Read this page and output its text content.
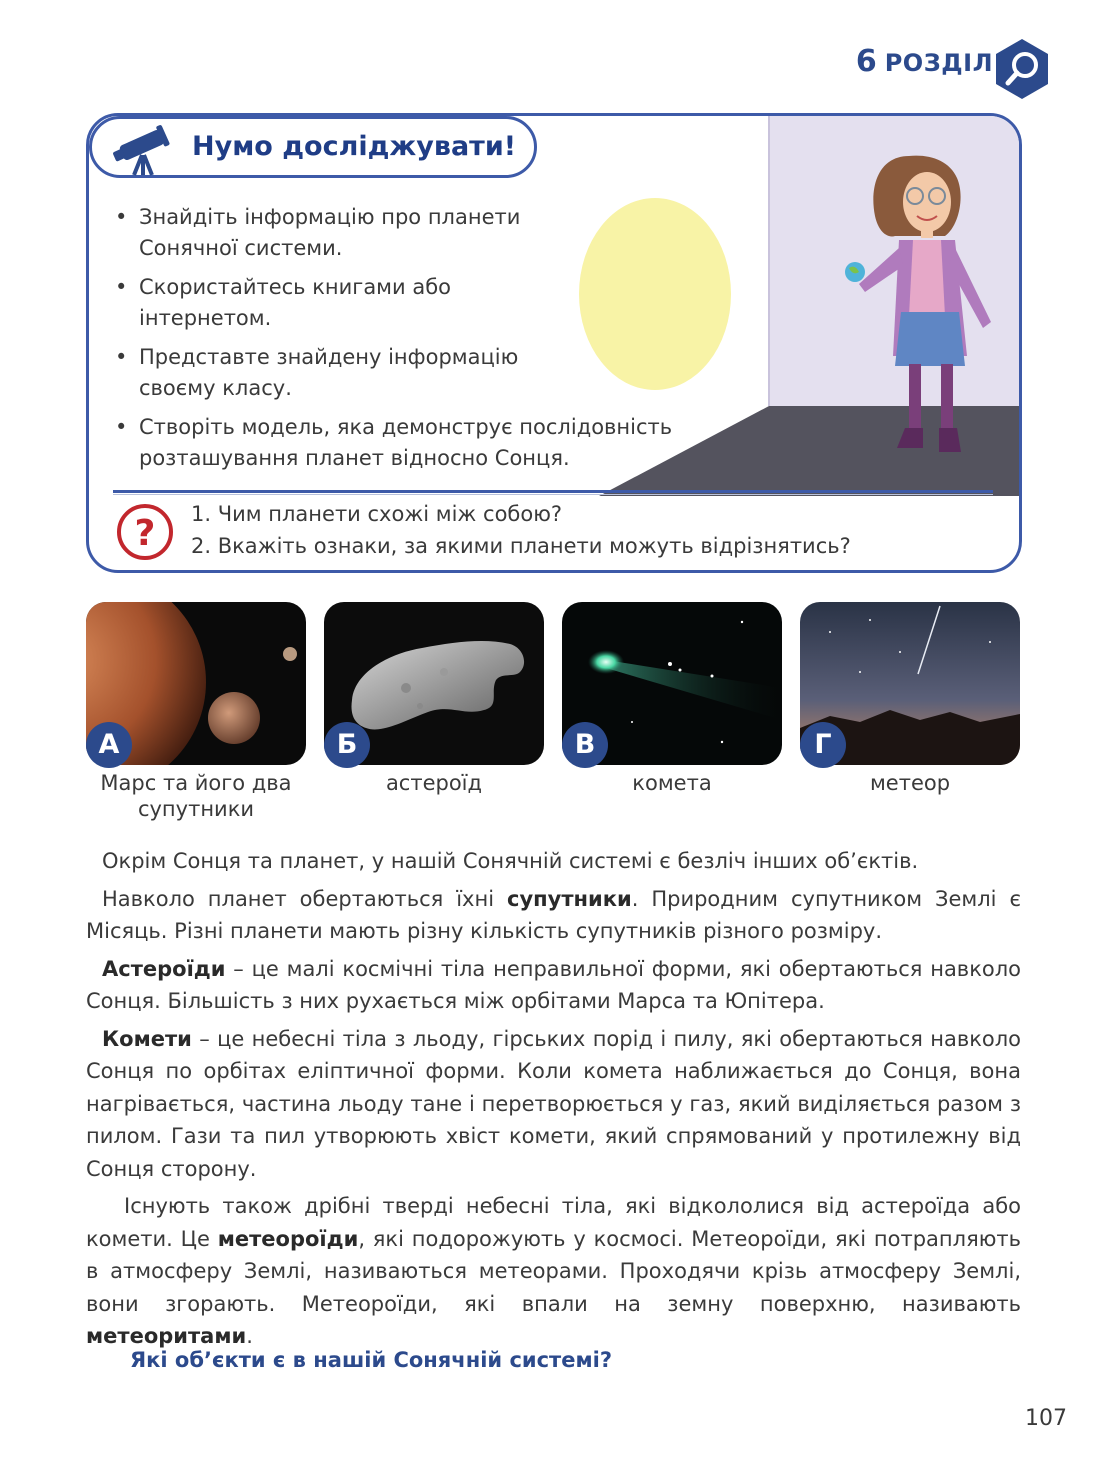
6 РОЗДІЛ
Нумо досліджувати!
• Знайдіть інформацію про планети
Сонячної системи.
• Скористайтесь книгами або
інтернетом.
• Представте знайдену інформацію
своєму класу.
• Створіть модель, яка демонструє послідовність
розташування планет відносно Сонця.
? 1. Чим планети схожі між собою?
2. Вкажіть ознаки, за якими планети можуть відрізнятись?
А
Марс та його два
супутники
Б
астероїд
В
комета
Г
метеор

Окрім Сонця та планет, у нашій Сонячній системі є безліч інших об’єктів.

Навколо планет обертаються їхні супутники. Природним супутником Землі є Місяць. Різні планети мають різну кількість супутників різного розміру.

Астероїди – це малі космічні тіла неправильної форми, які обертаються навколо Сонця. Більшість з них рухається між орбітами Марса та Юпітера.

Комети – це небесні тіла з льоду, гірських порід і пилу, які обертаються навколо Сонця по орбітах еліптичної форми. Коли комета наближається до Сонця, вона нагрівається, частина льоду тане і перетворюється у газ, який виділяється разом з пилом. Гази та пил утворюють хвіст комети, який спрямований у протилежну від Сонця сторону.

Існують також дрібні тверді небесні тіла, які відкололися від астероїда або комети. Це метеороїди, які подорожують у космосі. Метеороїди, які потрапляють в атмосферу Землі, називаються метеорами. Проходячи крізь атмосферу Землі, вони згорають. Метеороїди, які впали на земну поверхню, називають метеоритами.

Які об’єкти є в нашій Сонячній системі?
107
